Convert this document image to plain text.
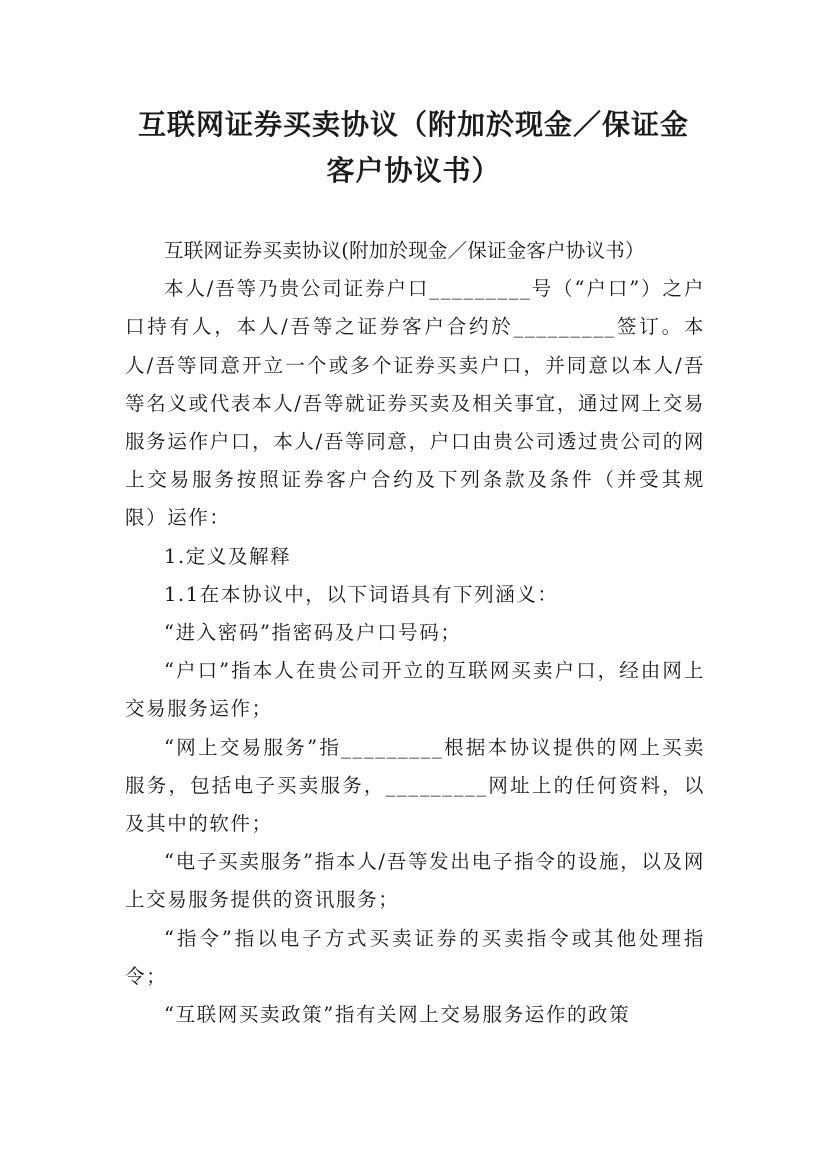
互联网证券买卖协议（附加於现金／保证金
客户协议书）

互联网证券买卖协议(附加於现金／保证金客户协议书）

本人/吾等乃贵公司证券户口_________号（“户口”）之户口持有人，本人/吾等之证券客户合约於_________签订。本人/吾等同意开立一个或多个证券买卖户口，并同意以本人/吾等名义或代表本人/吾等就证券买卖及相关事宜，通过网上交易服务运作户口，本人/吾等同意，户口由贵公司透过贵公司的网上交易服务按照证券客户合约及下列条款及条件（并受其规限）运作：

1.定义及解释

1.1在本协议中，以下词语具有下列涵义：

“进入密码”指密码及户口号码；

“户口”指本人在贵公司开立的互联网买卖户口，经由网上交易服务运作；

“网上交易服务”指_________根据本协议提供的网上买卖服务，包括电子买卖服务，_________网址上的任何资料，以及其中的软件；

“电子买卖服务”指本人/吾等发出电子指令的设施，以及网上交易服务提供的资讯服务；

“指令”指以电子方式买卖证券的买卖指令或其他处理指令；

“互联网买卖政策”指有关网上交易服务运作的政策
